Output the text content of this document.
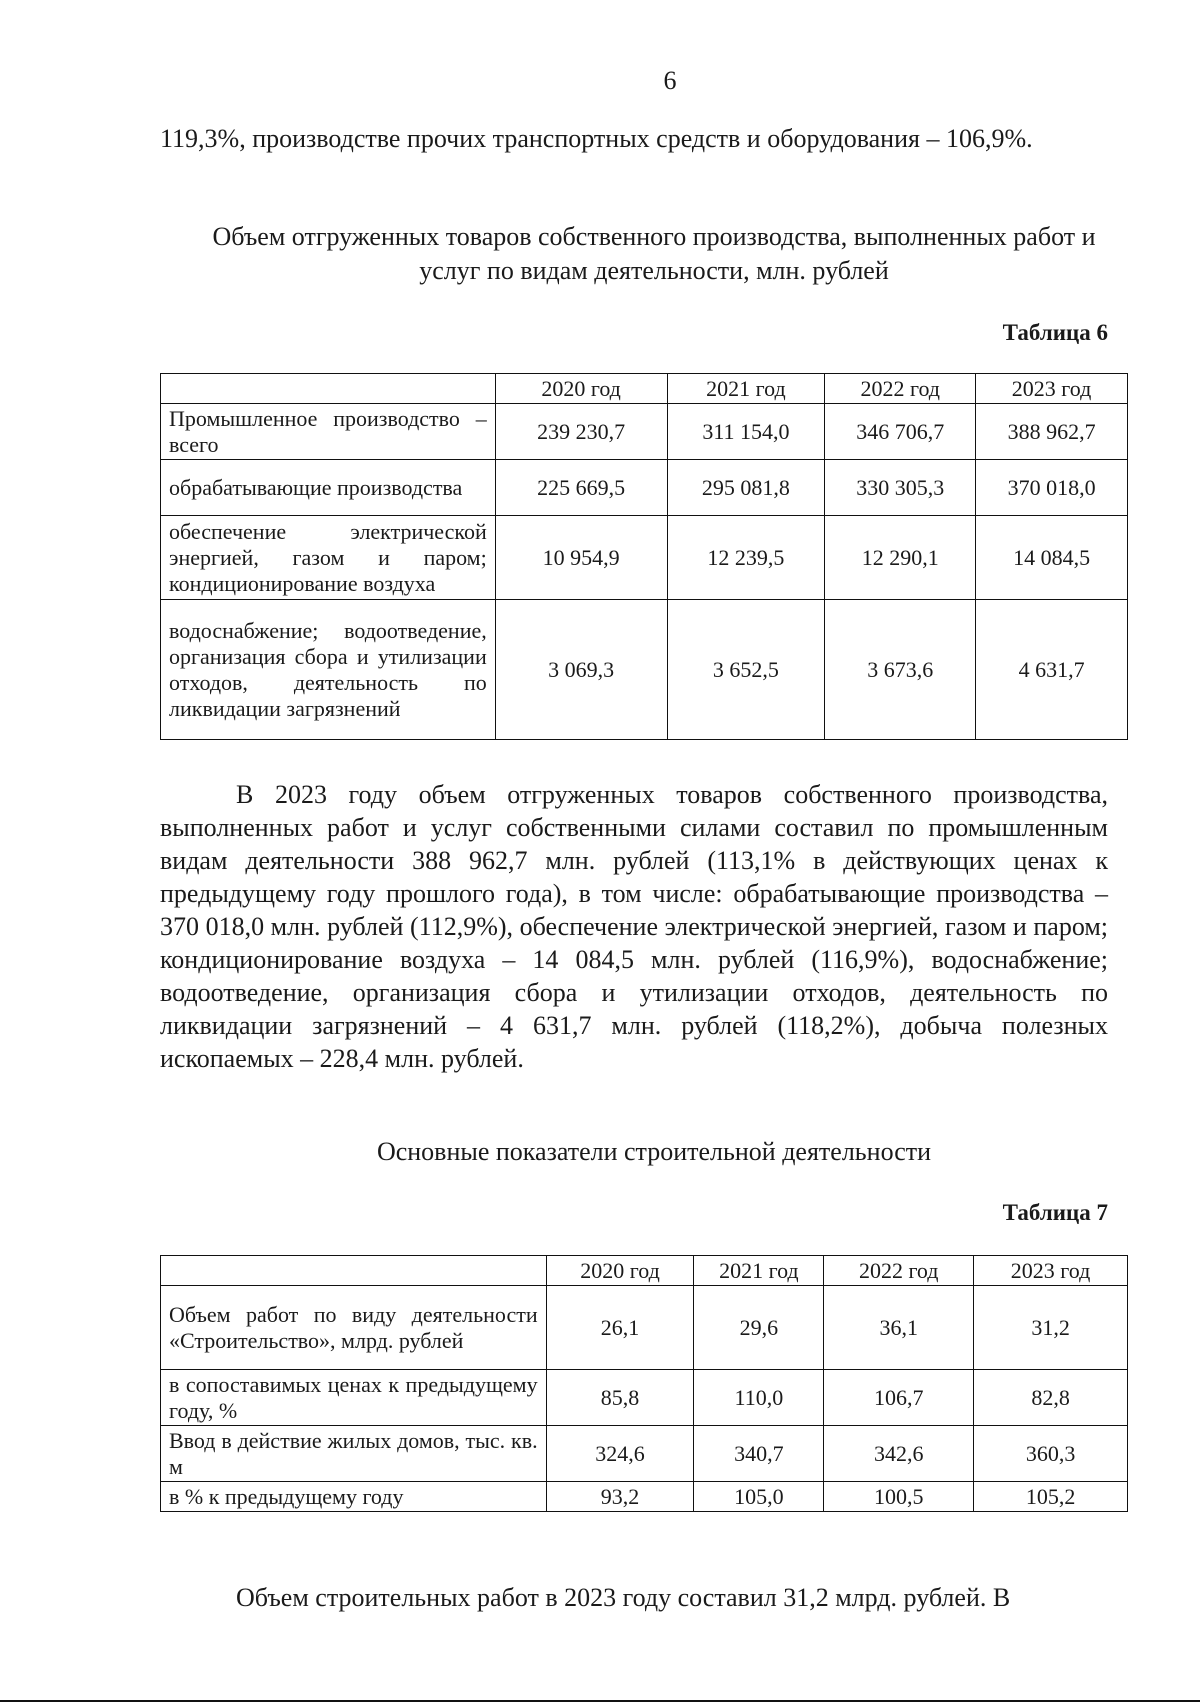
6
119,3%, производстве прочих транспортных средств и оборудования – 106,9%.
Объем отгруженных товаров собственного производства, выполненных работ и услуг по видам деятельности, млн. рублей
Таблица 6
	2020 год	2021 год	2022 год	2023 год
Промышленное производство – всего	239 230,7	311 154,0	346 706,7	388 962,7
обрабатывающие производства	225 669,5	295 081,8	330 305,3	370 018,0
обеспечение электрической энергией, газом и паром; кондиционирование воздуха	10 954,9	12 239,5	12 290,1	14 084,5
водоснабжение; водоотведение, организация сбора и утилизации отходов, деятельность по ликвидации загрязнений	3 069,3	3 652,5	3 673,6	4 631,7
В 2023 году объем отгруженных товаров собственного производства, выполненных работ и услуг собственными силами составил по промышленным видам деятельности 388 962,7 млн. рублей (113,1% в действующих ценах к предыдущему году прошлого года), в том числе: обрабатывающие производства – 370 018,0 млн. рублей (112,9%), обеспечение электрической энергией, газом и паром; кондиционирование воздуха – 14 084,5 млн. рублей (116,9%), водоснабжение; водоотведение, организация сбора и утилизации отходов, деятельность по ликвидации загрязнений – 4 631,7 млн. рублей (118,2%), добыча полезных ископаемых – 228,4 млн. рублей.
Основные показатели строительной деятельности
Таблица 7
	2020 год	2021 год	2022 год	2023 год
Объем работ по виду деятельности «Строительство», млрд. рублей	26,1	29,6	36,1	31,2
в сопоставимых ценах к предыдущему году, %	85,8	110,0	106,7	82,8
Ввод в действие жилых домов, тыс. кв. м	324,6	340,7	342,6	360,3
в % к предыдущему году	93,2	105,0	100,5	105,2
Объем строительных работ в 2023 году составил 31,2 млрд. рублей. В
